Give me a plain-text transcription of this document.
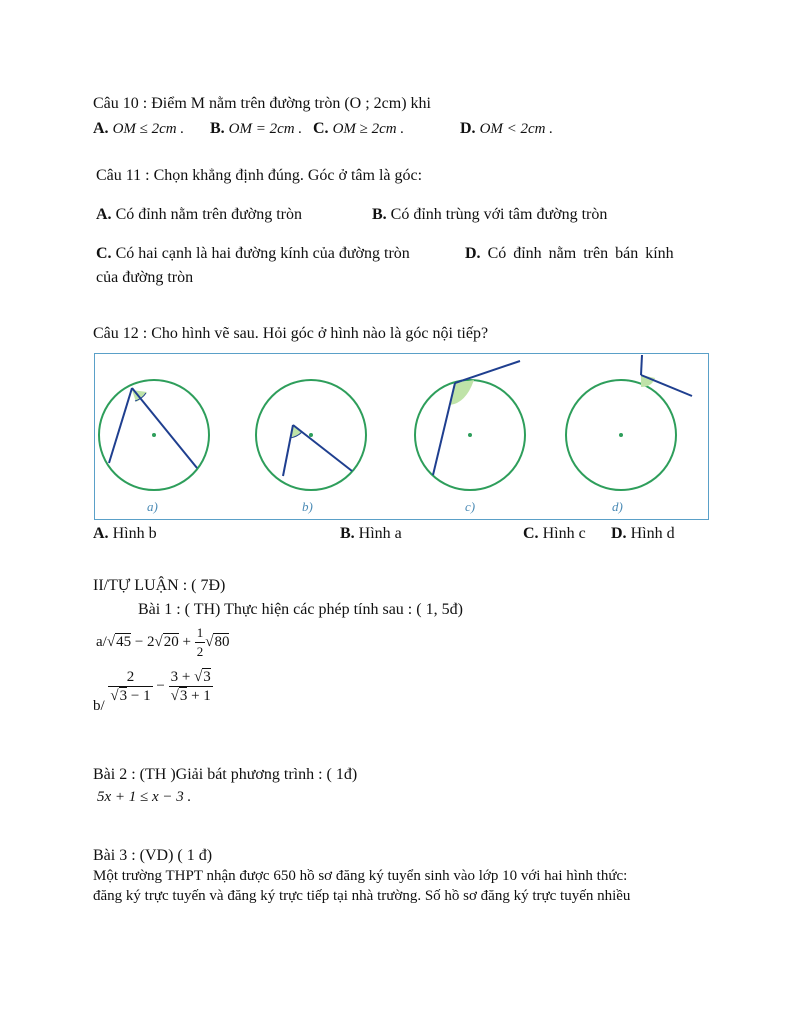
Câu 10 : Điểm M nằm trên đường tròn (O ; 2cm) khi
A. OM ≤ 2cm . B. OM = 2cm . C. OM ≥ 2cm .	D. OM < 2cm .
Câu 11 : Chọn khẳng định đúng. Góc ở tâm là góc:
A. Có đỉnh nằm trên đường tròn	B. Có đỉnh trùng với tâm đường tròn
C. Có hai cạnh là hai đường kính của đường tròn	D. Có đỉnh nằm trên bán kính
của đường tròn
Câu 12 : Cho hình vẽ sau. Hỏi góc ở hình nào là góc nội tiếp?
a)	b)	c)	d)
A. Hình b	B. Hình a	C. Hình c D. Hình d
II/TỰ LUẬN : ( 7Đ)
Bài 1 : ( TH) Thực hiện các phép tính sau : ( 1, 5đ)
$a/√45 - 2√20 + \frac{1}{2} √80$
b/
$\frac{2}{√3 - 1} - \frac{3 + √3}{√3 + 1}$
Bài 2 : (TH )Giải bát phương trình : ( 1đ)
5x + 1 ≤ x − 3 .
Bài 3 : (VD) ( 1 đ)
Một trường THPT nhận được 650 hồ sơ đăng ký tuyển sinh vào lớp 10 với hai hình thức:
đăng ký trực tuyến và đăng ký trực tiếp tại nhà trường. Số hồ sơ đăng ký trực tuyến nhiều
